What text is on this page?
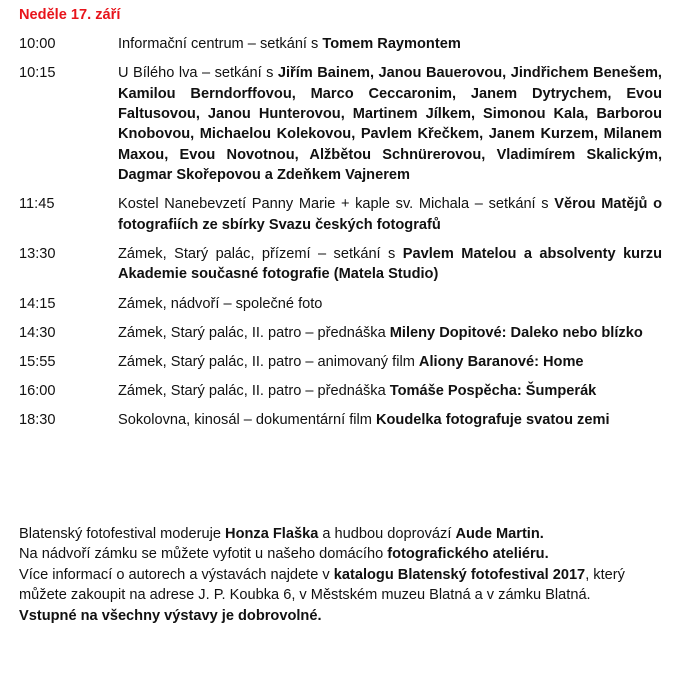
Neděle 17. září
10:00	Informační centrum – setkání s Tomem Raymontem
10:15	U Bílého lva – setkání s Jiřím Bainem, Janou Bauerovou, Jindřichem Benešem, Kamilou Berndorffovou, Marco Ceccaronim, Janem Dytrychem, Evou Faltusovou, Janou Hunterovou, Martinem Jílkem, Simonou Kala, Barborou Knobovou, Michaelou Kolekovou, Pavlem Křečkem, Janem Kurzem, Milanem Maxou, Evou Novotnou, Alžbětou Schnürerovou, Vladimírem Skalickým, Dagmar Skořepovou a Zdeňkem Vajnerem
11:45	Kostel Nanebevzetí Panny Marie + kaple sv. Michala – setkání s Věrou Matějů o fotografiích ze sbírky Svazu českých fotografů
13:30	Zámek, Starý palác, přízemí – setkání s Pavlem Matelou a absolventy kurzu Akademie současné fotografie (Matela Studio)
14:15	Zámek, nádvoří – společné foto
14:30	Zámek, Starý palác, II. patro – přednáška Mileny Dopitové: Daleko nebo blízko
15:55	Zámek, Starý palác, II. patro – animovaný film Aliony Baranové: Home
16:00	Zámek, Starý palác, II. patro – přednáška Tomáše Pospěcha: Šumperák
18:30	Sokolovna, kinosál – dokumentární film Koudelka fotografuje svatou zemi

Blatenský fotofestival moderuje Honza Flaška a hudbou doprovází Aude Martin.

Na nádvoří zámku se můžete vyfotit u našeho domácího fotografického ateliéru.

Více informací o autorech a výstavách najdete v katalogu Blatenský fotofestival 2017, který můžete zakoupit na adrese J. P. Koubka 6, v Městském muzeu Blatná a v zámku Blatná.

Vstupné na všechny výstavy je dobrovolné.
